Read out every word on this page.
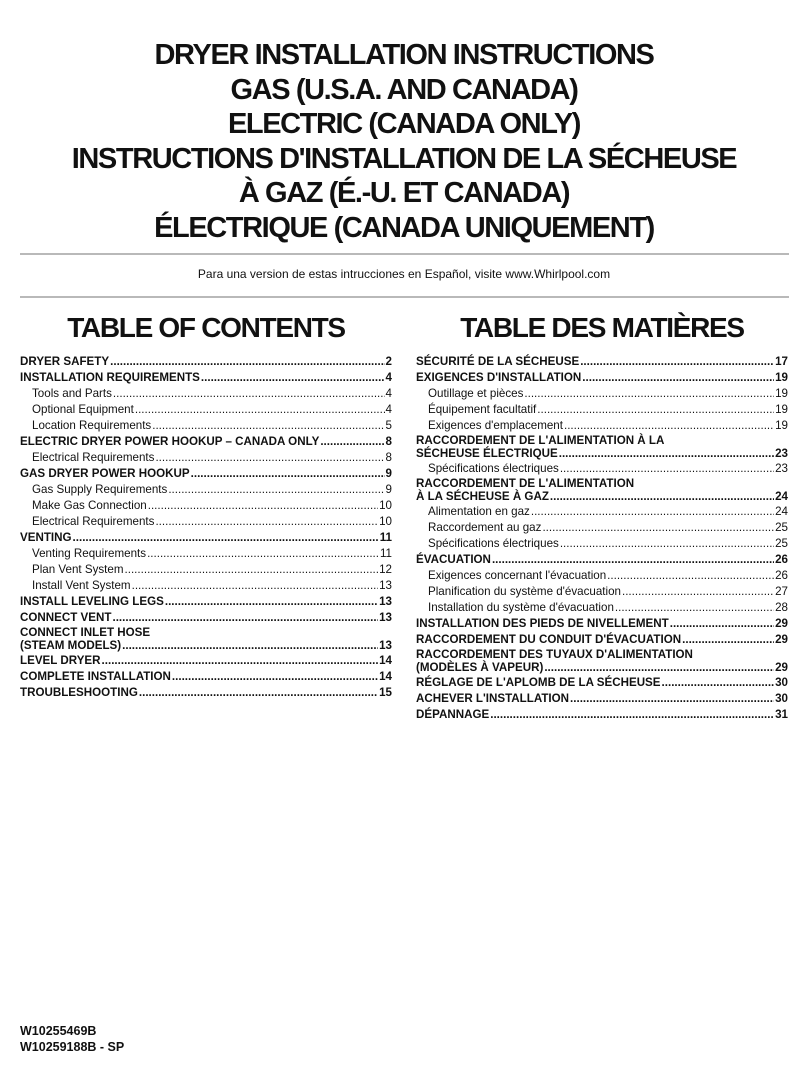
DRYER INSTALLATION INSTRUCTIONS
GAS (U.S.A. AND CANADA)
ELECTRIC (CANADA ONLY)
INSTRUCTIONS D'INSTALLATION DE LA SÉCHEUSE
À GAZ (É.-U. ET CANADA)
ÉLECTRIQUE (CANADA UNIQUEMENT)
Para una version de estas intrucciones en Español, visite www.Whirlpool.com
TABLE OF CONTENTS
DRYER SAFETY .....	2
INSTALLATION REQUIREMENTS .....	4
Tools and Parts .....	4
Optional Equipment .....	4
Location Requirements .....	5
ELECTRIC DRYER POWER HOOKUP – CANADA ONLY .....	8
Electrical Requirements .....	8
GAS DRYER POWER HOOKUP .....	9
Gas Supply Requirements .....	9
Make Gas Connection .....	10
Electrical Requirements .....	10
VENTING .....	11
Venting Requirements .....	11
Plan Vent System .....	12
Install Vent System .....	13
INSTALL LEVELING LEGS .....	13
CONNECT VENT .....	13
CONNECT INLET HOSE
(STEAM MODELS) .....	13
LEVEL DRYER .....	14
COMPLETE INSTALLATION .....	14
TROUBLESHOOTING .....	15
TABLE DES MATIÈRES
SÉCURITÉ DE LA SÉCHEUSE .....	17
EXIGENCES D'INSTALLATION .....	19
Outillage et pièces .....	19
Équipement facultatif .....	19
Exigences d'emplacement .....	19
RACCORDEMENT DE L'ALIMENTATION À LA
SÉCHEUSE ÉLECTRIQUE .....	23
Spécifications électriques .....	23
RACCORDEMENT DE L'ALIMENTATION
À LA SÉCHEUSE À GAZ .....	24
Alimentation en gaz .....	24
Raccordement au gaz .....	25
Spécifications électriques .....	25
ÉVACUATION .....	26
Exigences concernant l'évacuation .....	26
Planification du système d'évacuation .....	27
Installation du système d'évacuation .....	28
INSTALLATION DES PIEDS DE NIVELLEMENT .....	29
RACCORDEMENT DU CONDUIT D'ÉVACUATION .....	29
RACCORDEMENT DES TUYAUX D'ALIMENTATION
(MODÈLES À VAPEUR) .....	29
RÉGLAGE DE L'APLOMB DE LA SÉCHEUSE .....	30
ACHEVER L'INSTALLATION .....	30
DÉPANNAGE .....	31
W10255469B
W10259188B - SP
